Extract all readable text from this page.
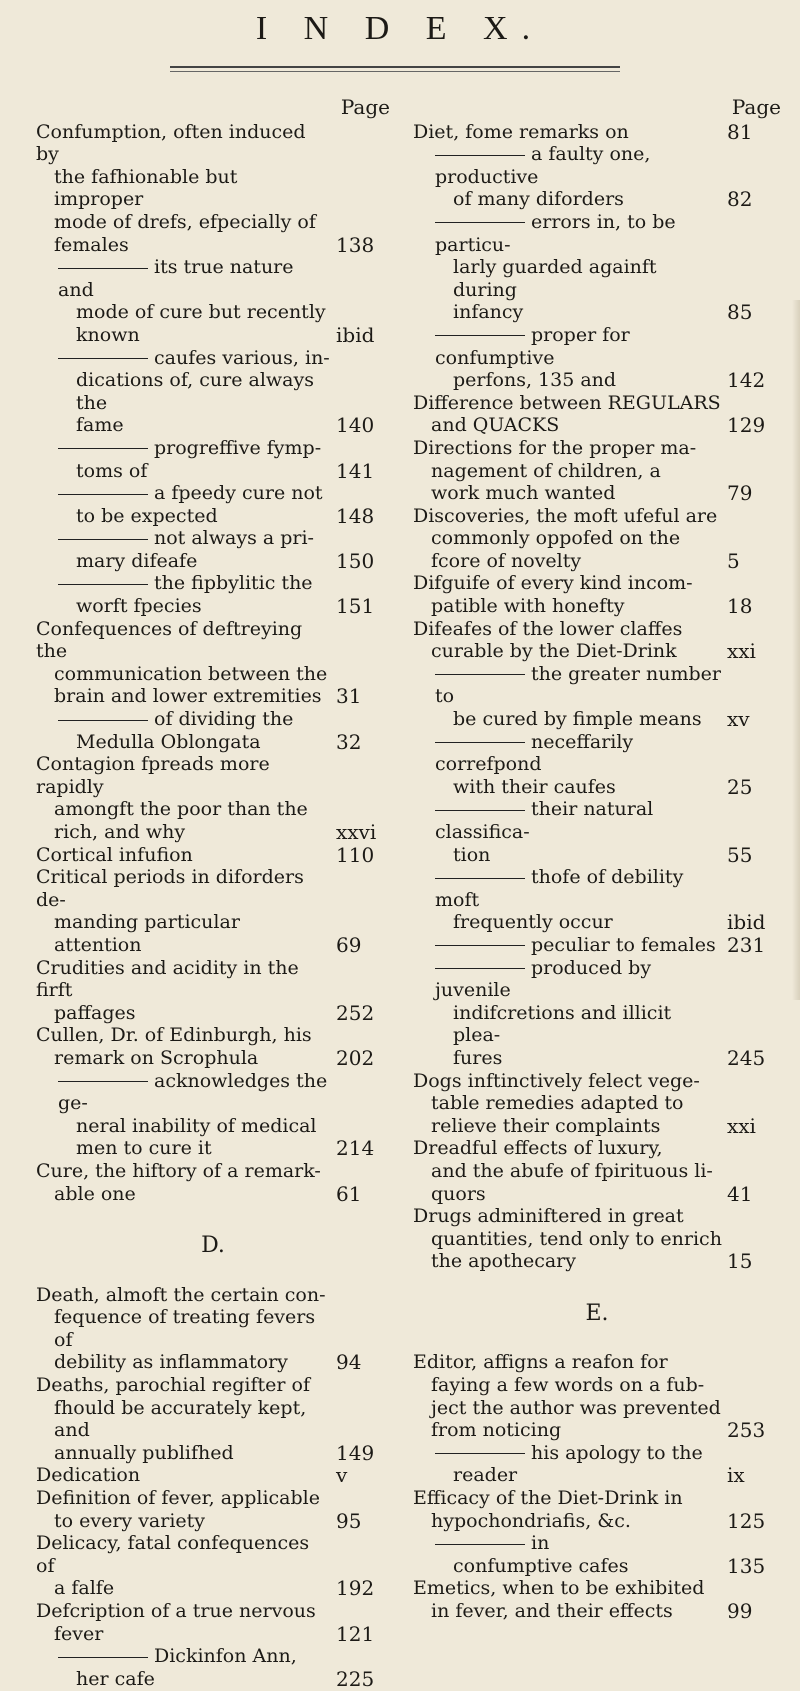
I N D E X.
Page
Confumption, often induced by
the fafhionable but improper
mode of drefs, efpecially of
females	138
its true nature and
mode of cure but recently
known	ibid
caufes various, in-
dications of, cure always the
fame	140
progreffive fymp-
toms of	141
a fpeedy cure not
to be expected	148
not always a pri-
mary difeafe	150
the fipbylitic the
worft fpecies	151
Confequences of deftreying the
communication between the
brain and lower extremities 31
of dividing the
Medulla Oblongata	32
Contagion fpreads more rapidly
amongft the poor than the
rich, and why	xxvi
Cortical infufion	110
Critical periods in diforders de-
manding particular attention	69
Crudities and acidity in the firft
paffages	252
Cullen, Dr. of Edinburgh, his
remark on Scrophula	202
acknowledges the ge-
neral inability of medical
men to cure it	214
Cure, the hiftory of a remark-
able one	61
D.
Death, almoft the certain con-
fequence of treating fevers of
debility as inflammatory	94
Deaths, parochial regifter of
fhould be accurately kept, and
annually publifhed	149
Dedication	v
Definition of fever, applicable
to every variety	95
Delicacy, fatal confequences of
a falfe	192
Defcription of a true nervous
fever	121
Dickinfon Ann,
her cafe	225
Page
Diet, fome remarks on	81
a faulty one, productive
of many diforders	82
errors in, to be particu-
larly guarded againft during
infancy	85
proper for confumptive
perfons, 135 and	142
Difference between REGULARS
and QUACKS	129
Directions for the proper ma-
nagement of children, a
work much wanted	79
Discoveries, the moft ufeful are
commonly oppofed on the
fcore of novelty	5
Difguife of every kind incom-
patible with honefty	18
Difeafes of the lower claffes
curable by the Diet-Drink	xxi
the greater number to
be cured by fimple means	xv
neceffarily correfpond
with their caufes	25
their natural classifica-
tion	55
thofe of debility moft
frequently occur	ibid
peculiar to females 231
produced by juvenile
indifcretions and illicit plea-
fures	245
Dogs inftinctively felect vege-
table remedies adapted to
relieve their complaints	xxi
Dreadful effects of luxury,
and the abufe of fpirituous li-
quors	41
Drugs adminiftered in great
quantities, tend only to enrich
the apothecary	15
E.
Editor, affigns a reafon for
faying a few words on a fub-
ject the author was prevented
from noticing	253
his apology to the
reader	ix
Efficacy of the Diet-Drink in
hypochondriafis, &c.	125
in
confumptive cafes	135
Emetics, when to be exhibited
in fever, and their effects	99
